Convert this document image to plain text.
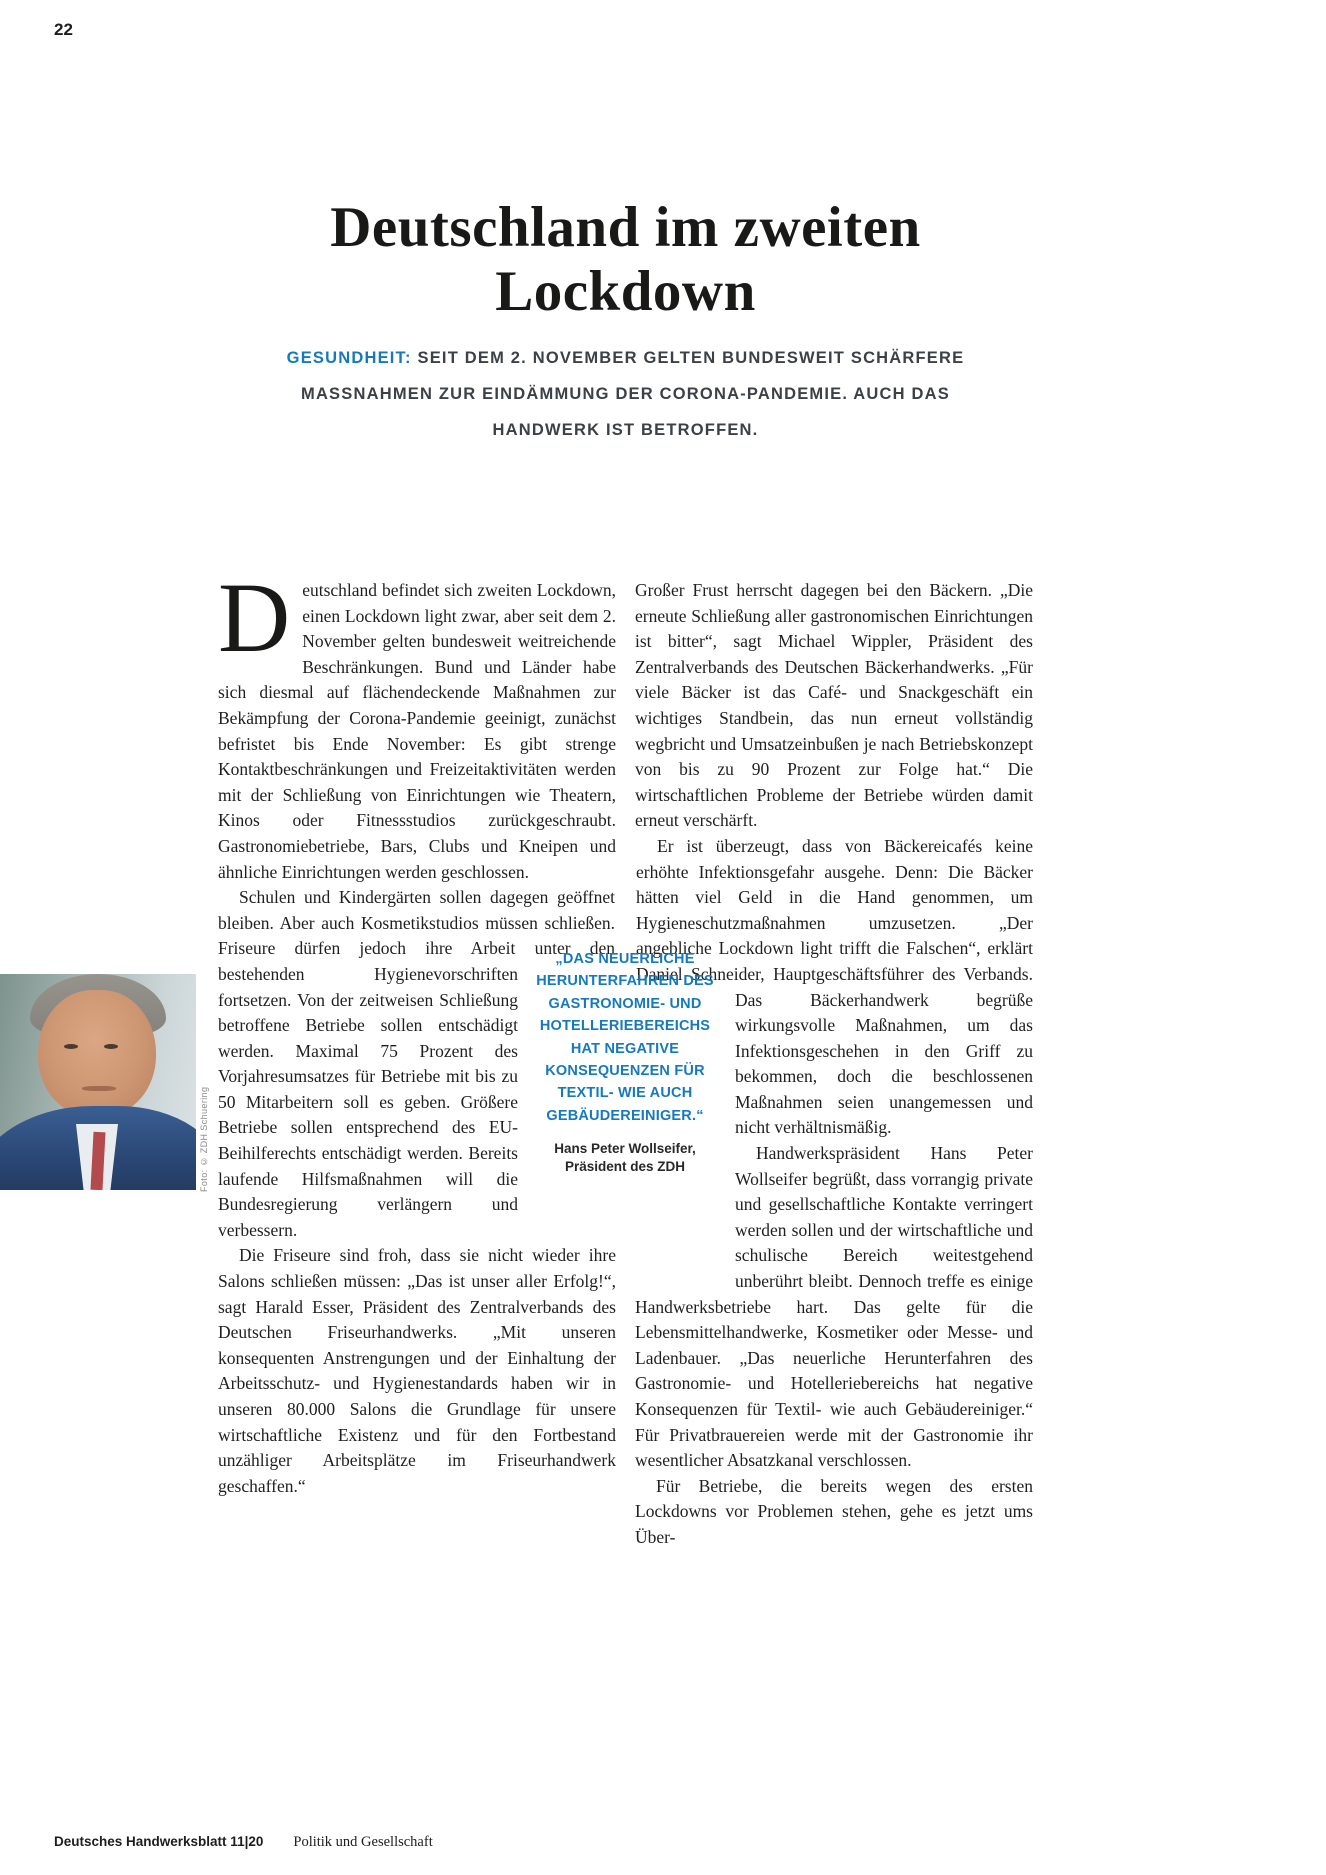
22
Deutschland im zweiten
Lockdown

GESUNDHEIT: SEIT DEM 2. NOVEMBER GELTEN BUNDESWEIT SCHÄRFERE MASSNAHMEN ZUR EINDÄMMUNG DER CORONA-PANDEMIE. AUCH DAS HANDWERK IST BETROFFEN.

D eutschland befindet sich zweiten Lockdown, einen Lockdown light zwar, aber seit dem 2. November gelten bundesweit weitreichende Beschränkungen. Bund und Länder habe sich diesmal auf flächendeckende Maßnahmen zur Bekämpfung der Corona-Pandemie geeinigt, zunächst befristet bis Ende November: Es gibt strenge Kontaktbeschränkungen und Freizeitaktivitäten werden mit der Schließung von Einrichtungen wie Theatern, Kinos oder Fitnessstudios zurückgeschraubt. Gastronomiebetriebe, Bars, Clubs und Kneipen und ähnliche Einrichtungen werden geschlossen.

Schulen und Kindergärten sollen dagegen geöffnet bleiben. Aber auch Kosmetikstudios müssen schließen. Friseure dürfen jedoch ihre Arbeit unter den bestehenden Hygienevorschriften fortsetzen. Von der zeitweisen Schließung betroffene Betriebe sollen entschädigt werden. Maximal 75 Prozent des Vorjahresumsatzes für Betriebe mit bis zu 50 Mitarbeitern soll es geben. Größere Betriebe sollen entsprechend des EU-Beihilferechts entschädigt werden. Bereits laufende Hilfsmaßnahmen will die Bundesregierung verlängern und verbessern.

Die Friseure sind froh, dass sie nicht wieder ihre Salons schließen müssen: „Das ist unser aller Erfolg!“, sagt Harald Esser, Präsident des Zentralverbands des Deutschen Friseurhandwerks. „Mit unseren konsequenten Anstrengungen und der Einhaltung der Arbeitsschutz- und Hygienestandards haben wir in unseren 80.000 Salons die Grundlage für unsere wirtschaftliche Existenz und für den Fortbestand unzähliger Arbeitsplätze im Friseurhandwerk geschaffen.“

Großer Frust herrscht dagegen bei den Bäckern. „Die erneute Schließung aller gastronomischen Einrichtungen ist bitter“, sagt Michael Wippler, Präsident des Zentralverbands des Deutschen Bäckerhandwerks. „Für viele Bäcker ist das Café- und Snackgeschäft ein wichtiges Standbein, das nun erneut vollständig wegbricht und Umsatzeinbußen je nach Betriebskonzept von bis zu 90 Prozent zur Folge hat.“ Die wirtschaftlichen Probleme der Betriebe würden damit erneut verschärft.

Er ist überzeugt, dass von Bäckereicafés keine erhöhte Infektionsgefahr ausgehe. Denn: Die Bäcker hätten viel Geld in die Hand genommen, um Hygieneschutzmaßnahmen umzusetzen. „Der angebliche Lockdown light trifft die Falschen“, erklärt Daniel Schneider, Hauptgeschäftsführer des Verbands. Das Bäckerhandwerk begrüße wirkungsvolle Maßnahmen, um das Infektionsgeschehen in den Griff zu bekommen, doch die beschlossenen Maßnahmen seien unangemessen und nicht verhältnismäßig.

Handwerkspräsident Hans Peter Wollseifer begrüßt, dass vorrangig private und gesellschaftliche Kontakte verringert werden sollen und der wirtschaftliche und schulische Bereich weitestgehend unberührt bleibt. Dennoch treffe es einige Handwerksbetriebe hart. Das gelte für die Lebensmittelhandwerke, Kosmetiker oder Messe- und Ladenbauer. „Das neuerliche Herunterfahren des Gastronomie- und Hotelleriebereichs hat negative Konsequenzen für Textil- wie auch Gebäudereiniger.“ Für Privatbrauereien werde mit der Gastronomie ihr wesentlicher Absatzkanal verschlossen.

Für Betriebe, die bereits wegen des ersten Lockdowns vor Problemen stehen, gehe es jetzt ums Über-

„DAS NEUERLICHE HERUNTERFAHREN DES GASTRONOMIE- UND HOTELLERIEBEREICHS HAT NEGATIVE KONSEQUENZEN FÜR TEXTIL- WIE AUCH GEBÄUDEREINIGER.“

Hans Peter Wollseifer,

Präsident des ZDH

Foto: © ZDH Schuering
Deutsches Handwerksblatt 11|20 Politik und Gesellschaft
